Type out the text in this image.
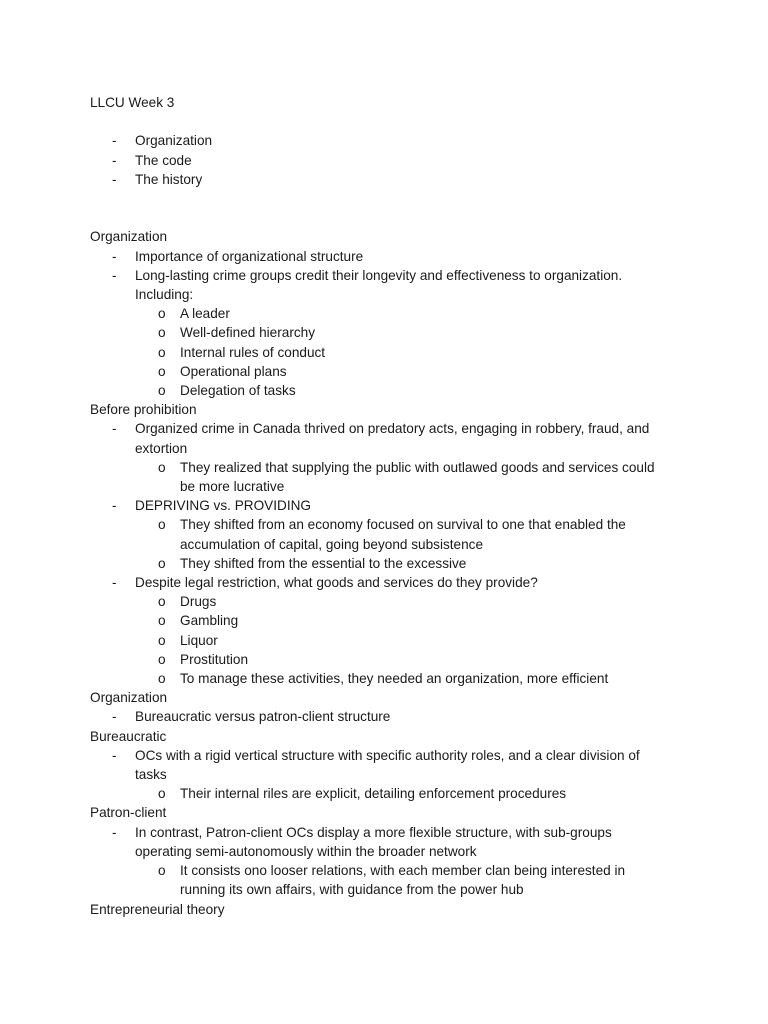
LLCU Week 3
- Organization
- The code
- The history
Organization
- Importance of organizational structure
- Long-lasting crime groups credit their longevity and effectiveness to organization.
Including:
o A leader
o Well-defined hierarchy
o Internal rules of conduct
o Operational plans
o Delegation of tasks
Before prohibition
- Organized crime in Canada thrived on predatory acts, engaging in robbery, fraud, and
extortion
o They realized that supplying the public with outlawed goods and services could
be more lucrative
- DEPRIVING vs. PROVIDING
o They shifted from an economy focused on survival to one that enabled the
accumulation of capital, going beyond subsistence
o They shifted from the essential to the excessive
- Despite legal restriction, what goods and services do they provide?
o Drugs
o Gambling
o Liquor
o Prostitution
o To manage these activities, they needed an organization, more efficient
Organization
- Bureaucratic versus patron-client structure
Bureaucratic
- OCs with a rigid vertical structure with specific authority roles, and a clear division of
tasks
o Their internal riles are explicit, detailing enforcement procedures
Patron-client
- In contrast, Patron-client OCs display a more flexible structure, with sub-groups
operating semi-autonomously within the broader network
o It consists ono looser relations, with each member clan being interested in
running its own affairs, with guidance from the power hub
Entrepreneurial theory
